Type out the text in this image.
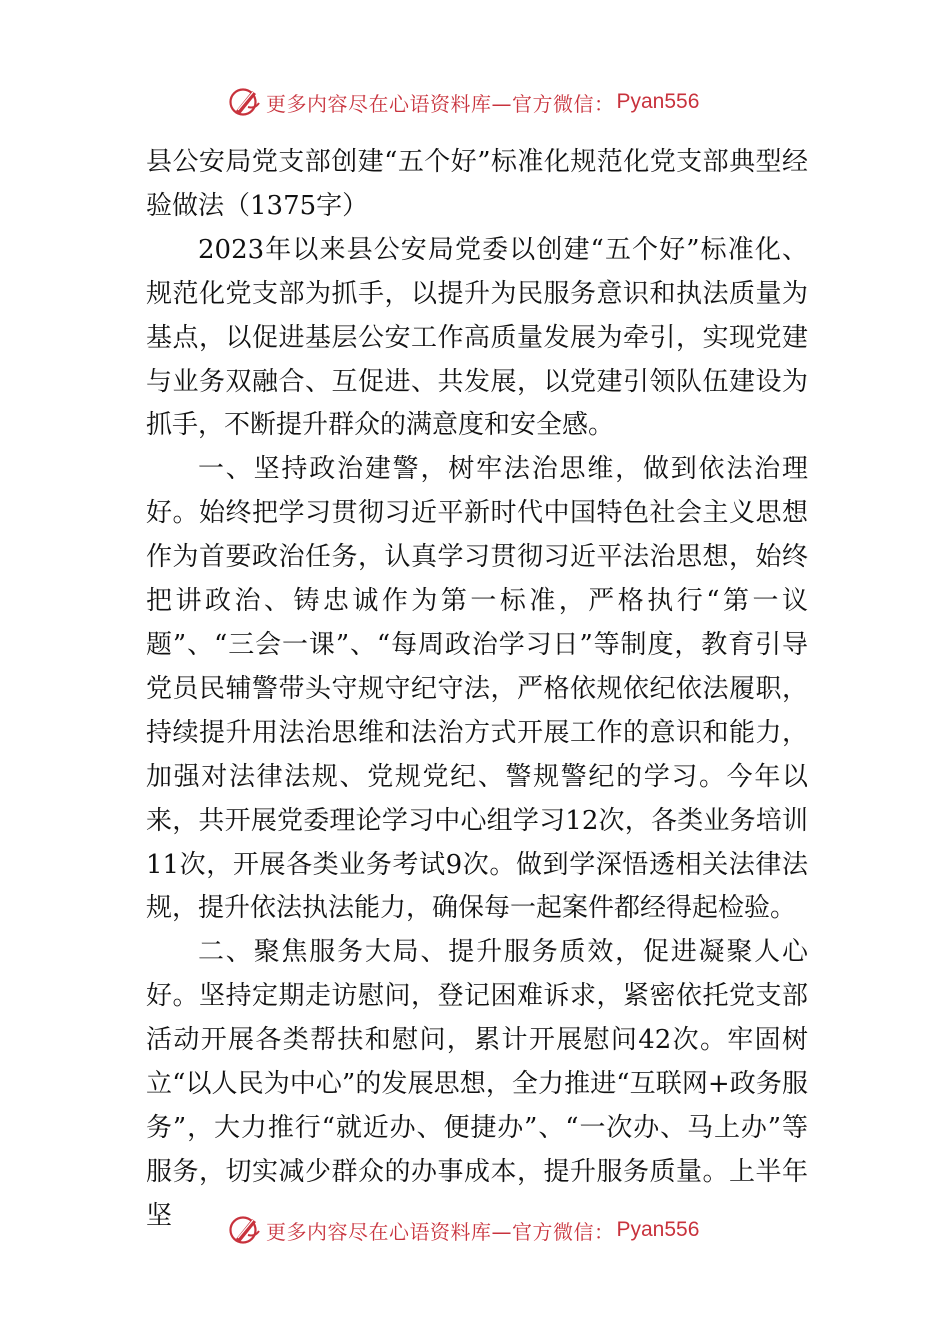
更多内容尽在心语资料库—官方微信： Pyan556

县公安局党支部创建“五个好”标准化规范化党支部典型经验做法（1375字）

2023年以来县公安局党委以创建“五个好”标准化、规范化党支部为抓手，以提升为民服务意识和执法质量为基点，以促进基层公安工作高质量发展为牵引，实现党建与业务双融合、互促进、共发展，以党建引领队伍建设为抓手，不断提升群众的满意度和安全感。

一、坚持政治建警，树牢法治思维，做到依法治理好。始终把学习贯彻习近平新时代中国特色社会主义思想作为首要政治任务，认真学习贯彻习近平法治思想，始终把讲政治、铸忠诚作为第一标准，严格执行“第一议题”、“三会一课”、“每周政治学习日”等制度，教育引导党员民辅警带头守规守纪守法，严格依规依纪依法履职，持续提升用法治思维和法治方式开展工作的意识和能力，加强对法律法规、党规党纪、警规警纪的学习。今年以来，共开展党委理论学习中心组学习12次，各类业务培训11次，开展各类业务考试9次。做到学深悟透相关法律法规，提升依法执法能力，确保每一起案件都经得起检验。

二、聚焦服务大局、提升服务质效，促进凝聚人心好。坚持定期走访慰问，登记困难诉求，紧密依托党支部活动开展各类帮扶和慰问，累计开展慰问42次。牢固树立“以人民为中心”的发展思想，全力推进“互联网+政务服务”，大力推行“就近办、便捷办”、“一次办、马上办”等服务，切实减少群众的办事成本，提升服务质量。上半年坚

更多内容尽在心语资料库—官方微信： Pyan556
